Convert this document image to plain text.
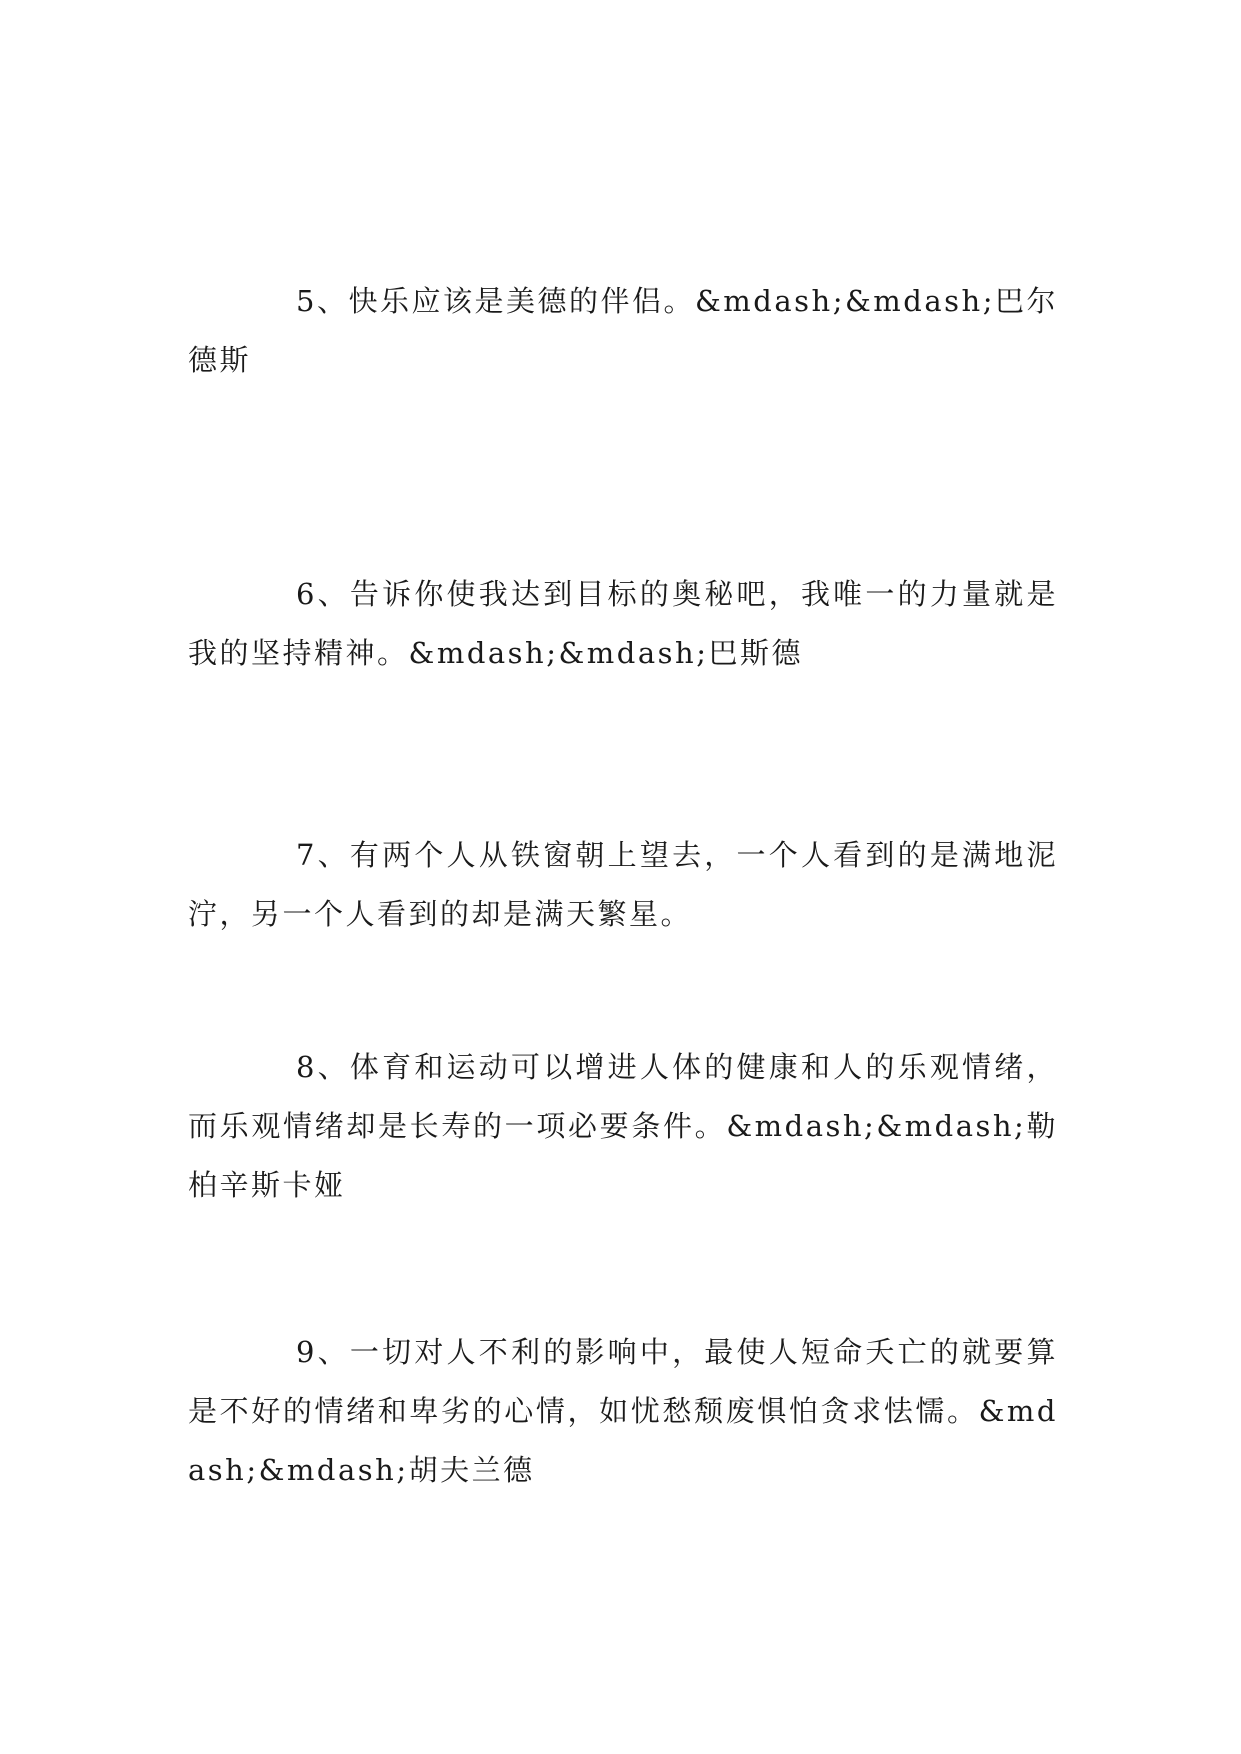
5、快乐应该是美德的伴侣。&mdash;&mdash;巴尔德斯

6、告诉你使我达到目标的奥秘吧，我唯一的力量就是我的坚持精神。&mdash;&mdash;巴斯德

7、有两个人从铁窗朝上望去，一个人看到的是满地泥泞，另一个人看到的却是满天繁星。

8、体育和运动可以增进人体的健康和人的乐观情绪，而乐观情绪却是长寿的一项必要条件。&mdash;&mdash;勒柏辛斯卡娅

9、一切对人不利的影响中，最使人短命夭亡的就要算是不好的情绪和卑劣的心情，如忧愁颓废惧怕贪求怯懦。&mdash;&mdash;胡夫兰德
